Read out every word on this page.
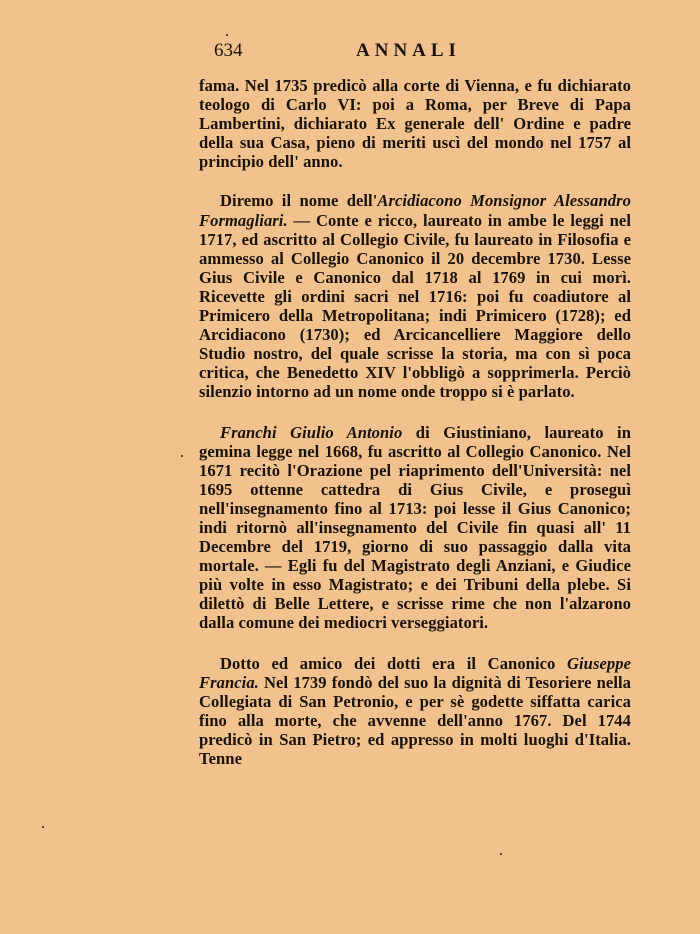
634	ANNALI

fama. Nel 1735 predicò alla corte di Vienna, e fu dichiarato teologo di Carlo VI: poi a Roma, per Breve di Papa Lambertini, dichiarato Ex generale dell' Ordine e padre della sua Casa, pieno di meriti uscì del mondo nel 1757 al principio dell' anno.

Diremo il nome dell'Arcidiacono Monsignor Alessandro Formagliari. — Conte e ricco, laureato in ambe le leggi nel 1717, ed ascritto al Collegio Civile, fu laureato in Filosofia e ammesso al Collegio Canonico il 20 decembre 1730. Lesse Gius Civile e Canonico dal 1718 al 1769 in cui morì. Ricevette gli ordini sacri nel 1716: poi fu coadiutore al Primicero della Metropolitana; indi Primicero (1728); ed Arcidiacono (1730); ed Arcicancelliere Maggiore dello Studio nostro, del quale scrisse la storia, ma con sì poca critica, che Benedetto XIV l'obbligò a sopprimerla. Perciò silenzio intorno ad un nome onde troppo si è parlato.

Franchi Giulio Antonio di Giustiniano, laureato in gemina legge nel 1668, fu ascritto al Collegio Canonico. Nel 1671 recitò l'Orazione pel riaprimento dell'Università: nel 1695 ottenne cattedra di Gius Civile, e proseguì nell'insegnamento fino al 1713: poi lesse il Gius Canonico; indi ritornò all'insegnamento del Civile fin quasi all' 11 Decembre del 1719, giorno di suo passaggio dalla vita mortale. — Egli fu del Magistrato degli Anziani, e Giudice più volte in esso Magistrato; e dei Tribuni della plebe. Si dilettò di Belle Lettere, e scrisse rime che non l'alzarono dalla comune dei mediocri verseggiatori.

Dotto ed amico dei dotti era il Canonico Giuseppe Francia. Nel 1739 fondò del suo la dignità di Tesoriere nella Collegiata di San Petronio, e per sè godette siffatta carica fino alla morte, che avvenne dell'anno 1767. Del 1744 predicò in San Pietro; ed appresso in molti luoghi d'Italia. Tenne
